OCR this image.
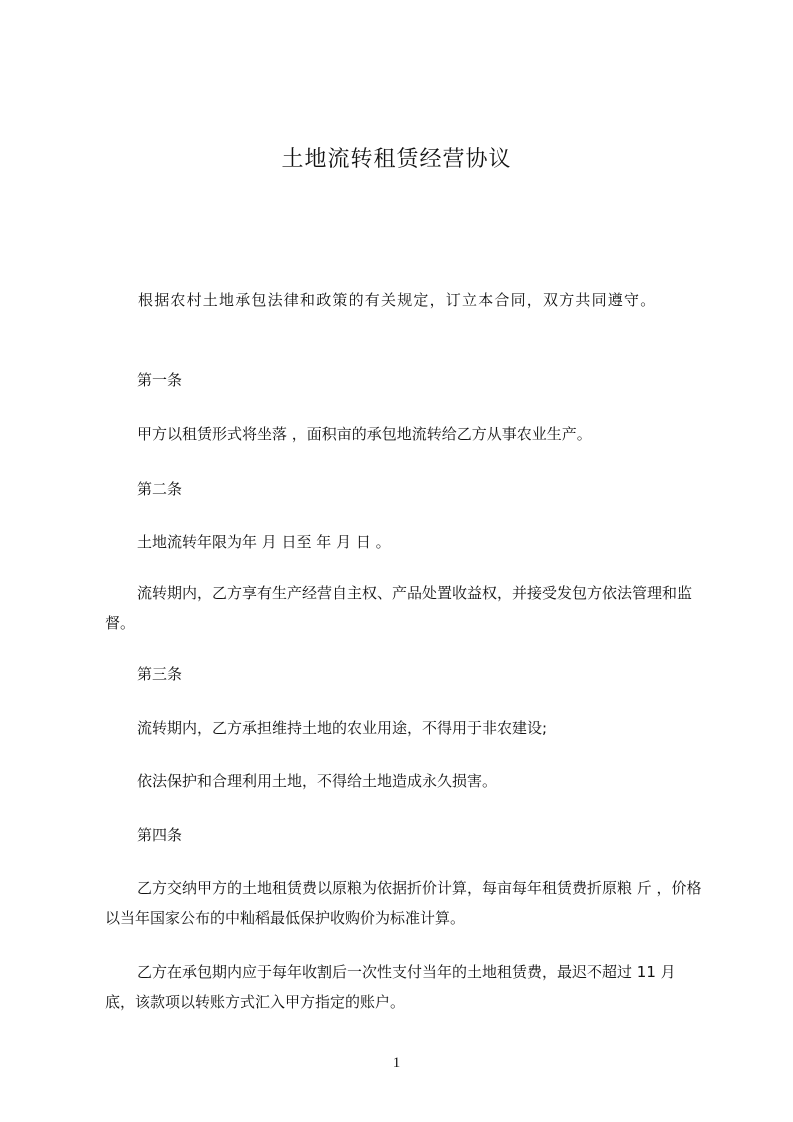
土地流转租赁经营协议

根据农村土地承包法律和政策的有关规定，订立本合同，双方共同遵守。

第一条

甲方以租赁形式将坐落 ，面积亩的承包地流转给乙方从事农业生产。

第二条

土地流转年限为年 月 日至 年 月 日 。

流转期内，乙方享有生产经营自主权、产品处置收益权，并接受发包方依法管理和监督。

第三条

流转期内，乙方承担维持土地的农业用途，不得用于非农建设;

依法保护和合理利用土地，不得给土地造成永久损害。

第四条

乙方交纳甲方的土地租赁费以原粮为依据折价计算，每亩每年租赁费折原粮 斤 ，价格以当年国家公布的中籼稻最低保护收购价为标准计算。

乙方在承包期内应于每年收割后一次性支付当年的土地租赁费，最迟不超过 11 月底，该款项以转账方式汇入甲方指定的账户。

1
